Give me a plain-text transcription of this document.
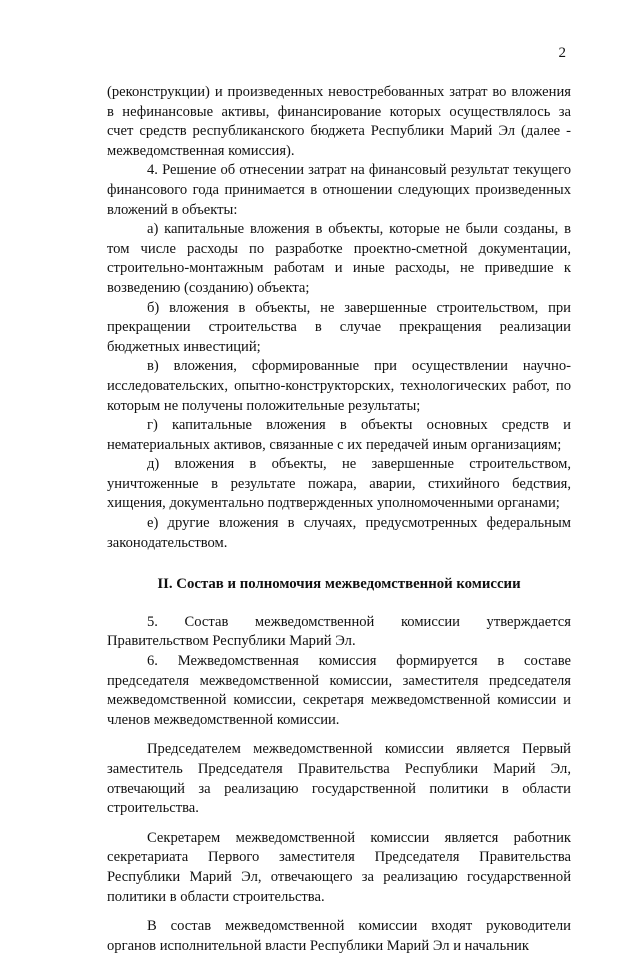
2

(реконструкции) и произведенных невостребованных затрат во вложения в нефинансовые активы, финансирование которых осуществлялось за счет средств республиканского бюджета Республики Марий Эл (далее - межведомственная комиссия).

4. Решение об отнесении затрат на финансовый результат текущего финансового года принимается в отношении следующих произведенных вложений в объекты:

а) капитальные вложения в объекты, которые не были созданы, в том числе расходы по разработке проектно-сметной документации, строительно-монтажным работам и иные расходы, не приведшие к возведению (созданию) объекта;

б) вложения в объекты, не завершенные строительством, при прекращении строительства в случае прекращения реализации бюджетных инвестиций;

в) вложения, сформированные при осуществлении научно-исследовательских, опытно-конструкторских, технологических работ, по которым не получены положительные результаты;

г) капитальные вложения в объекты основных средств и нематериальных активов, связанные с их передачей иным организациям;

д) вложения в объекты, не завершенные строительством, уничтоженные в результате пожара, аварии, стихийного бедствия, хищения, документально подтвержденных уполномоченными органами;

е) другие вложения в случаях, предусмотренных федеральным законодательством.

II. Состав и полномочия межведомственной комиссии

5. Состав межведомственной комиссии утверждается Правительством Республики Марий Эл.

6. Межведомственная комиссия формируется в составе председателя межведомственной комиссии, заместителя председателя межведомственной комиссии, секретаря межведомственной комиссии и членов межведомственной комиссии.

Председателем межведомственной комиссии является Первый заместитель Председателя Правительства Республики Марий Эл, отвечающий за реализацию государственной политики в области строительства.

Секретарем межведомственной комиссии является работник секретариата Первого заместителя Председателя Правительства Республики Марий Эл, отвечающего за реализацию государственной политики в области строительства.

В состав межведомственной комиссии входят руководители органов исполнительной власти Республики Марий Эл и начальник
